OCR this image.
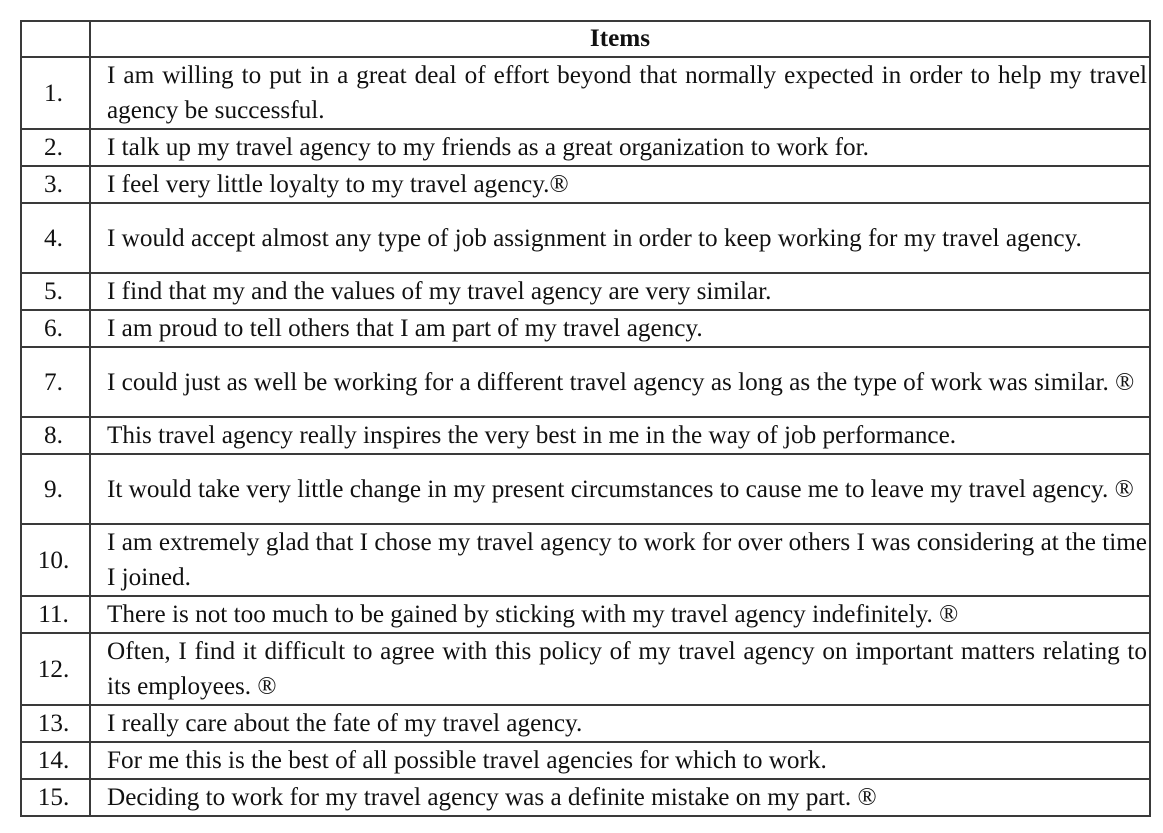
	Items
1.	I am willing to put in a great deal of effort beyond that normally expected in order to help my travel agency be successful.
2.	I talk up my travel agency to my friends as a great organization to work for.
3.	I feel very little loyalty to my travel agency.®
4.	I would accept almost any type of job assignment in order to keep working for my travel agency.
5.	I find that my and the values of my travel agency are very similar.
6.	I am proud to tell others that I am part of my travel agency.
7.	I could just as well be working for a different travel agency as long as the type of work was similar. ®
8.	This travel agency really inspires the very best in me in the way of job performance.
9.	It would take very little change in my present circumstances to cause me to leave my travel agency. ®
10.	I am extremely glad that I chose my travel agency to work for over others I was considering at the time I joined.
11.	There is not too much to be gained by sticking with my travel agency indefinitely. ®
12.	Often, I find it difficult to agree with this policy of my travel agency on important matters relating to its employees. ®
13.	I really care about the fate of my travel agency.
14.	For me this is the best of all possible travel agencies for which to work.
15.	Deciding to work for my travel agency was a definite mistake on my part. ®
